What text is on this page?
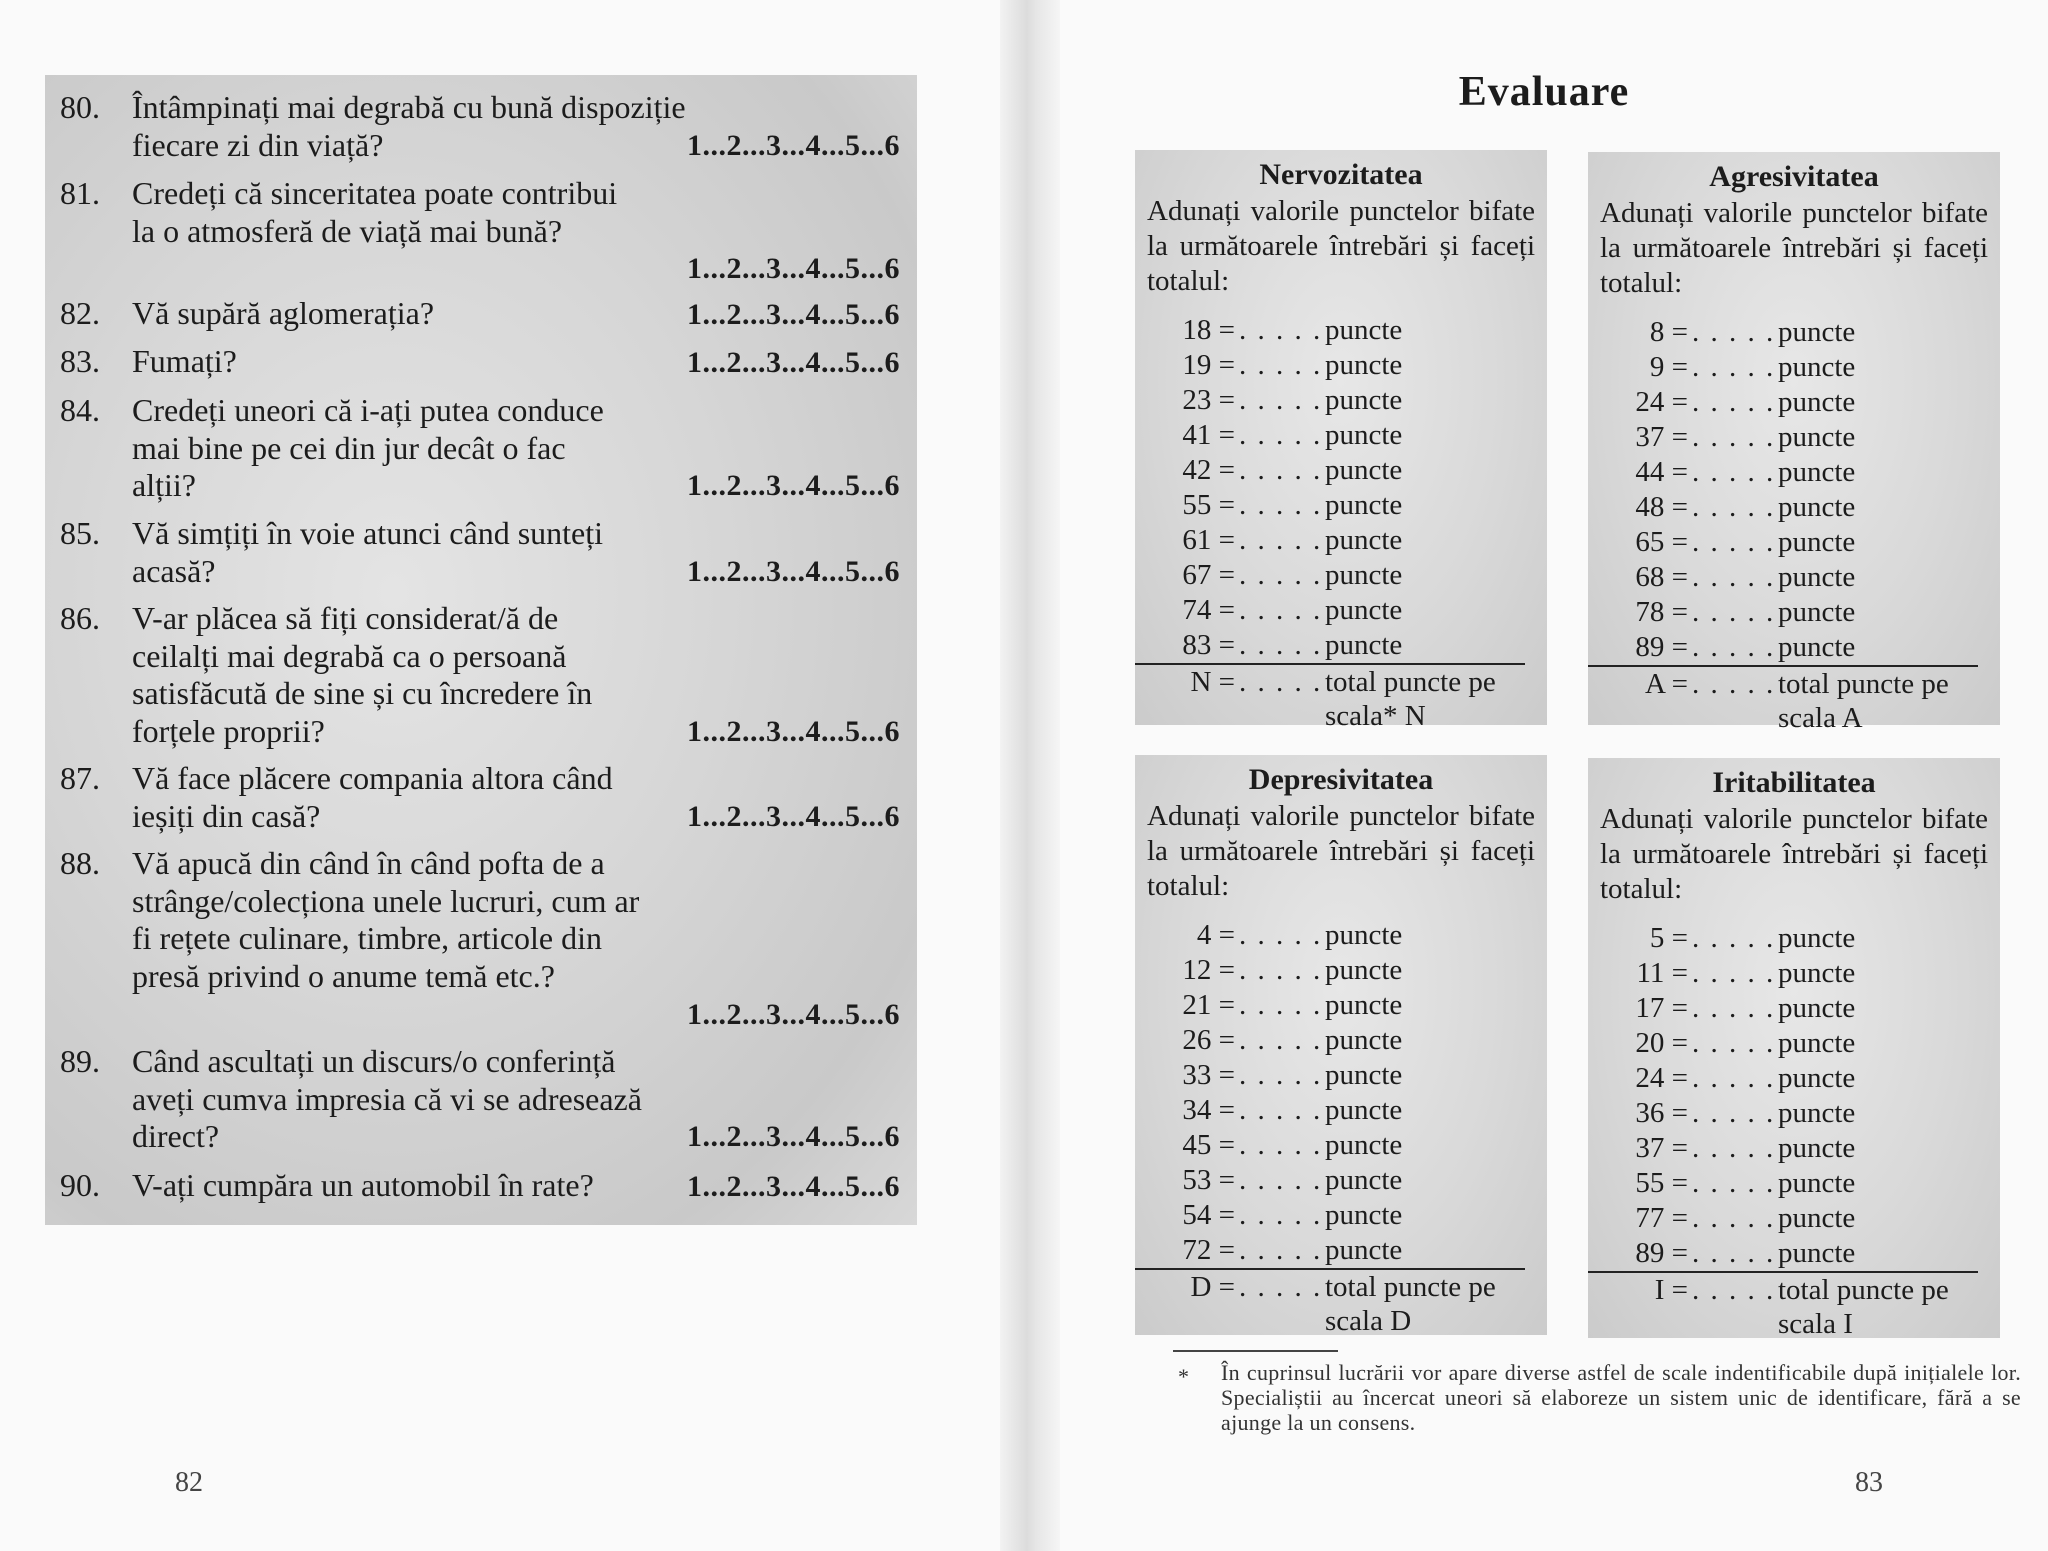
80.	Întâmpinați mai degrabă cu bună dispoziție fiecare zi din viață?	1...2...3...4...5...6
81.	Credeți că sinceritatea poate contribui la o atmosferă de viață mai bună?
1...2...3...4...5...6
82.	Vă supără aglomerația?	1...2...3...4...5...6
83.	Fumați?	1...2...3...4...5...6
84.	Credeți uneori că i-ați putea conduce mai bine pe cei din jur decât o fac alții?	1...2...3...4...5...6
85.	Vă simțiți în voie atunci când sunteți acasă?	1...2...3...4...5...6
86.	V-ar plăcea să fiți considerat/ă de ceilalți mai degrabă ca o persoană satisfăcută de sine și cu încredere în forțele proprii?	1...2...3...4...5...6
87.	Vă face plăcere compania altora când ieșiți din casă?	1...2...3...4...5...6
88.	Vă apucă din când în când pofta de a strânge/colecționa unele lucruri, cum ar fi rețete culinare, timbre, articole din presă privind o anume temă etc.?
1...2...3...4...5...6
89.	Când ascultați un discurs/o conferință aveți cumva impresia că vi se adresează direct?	1...2...3...4...5...6
90.	V-ați cumpăra un automobil în rate?	1...2...3...4...5...6
82
Evaluare
Nervozitatea
Adunați valorile punctelor bifate la următoarele întrebări și faceți totalul:
18 =	. . . . .	puncte
19 =	. . . . .	puncte
23 =	. . . . .	puncte
41 =	. . . . .	puncte
42 =	. . . . .	puncte
55 =	. . . . .	puncte
61 =	. . . . .	puncte
67 =	. . . . .	puncte
74 =	. . . . .	puncte
83 =	. . . . .	puncte
N =	. . . . .	total puncte pe scala* N
Agresivitatea
Adunați valorile punctelor bifate la următoarele întrebări și faceți totalul:
8 =	. . . . .	puncte
9 =	. . . . .	puncte
24 =	. . . . .	puncte
37 =	. . . . .	puncte
44 =	. . . . .	puncte
48 =	. . . . .	puncte
65 =	. . . . .	puncte
68 =	. . . . .	puncte
78 =	. . . . .	puncte
89 =	. . . . .	puncte
A =	. . . . .	total puncte pe scala A
Depresivitatea
Adunați valorile punctelor bifate la următoarele întrebări și faceți totalul:
4 =	. . . . .	puncte
12 =	. . . . .	puncte
21 =	. . . . .	puncte
26 =	. . . . .	puncte
33 =	. . . . .	puncte
34 =	. . . . .	puncte
45 =	. . . . .	puncte
53 =	. . . . .	puncte
54 =	. . . . .	puncte
72 =	. . . . .	puncte
D =	. . . . .	total puncte pe scala D
Iritabilitatea
Adunați valorile punctelor bifate la următoarele întrebări și faceți totalul:
5 =	. . . . .	puncte
11 =	. . . . .	puncte
17 =	. . . . .	puncte
20 =	. . . . .	puncte
24 =	. . . . .	puncte
36 =	. . . . .	puncte
37 =	. . . . .	puncte
55 =	. . . . .	puncte
77 =	. . . . .	puncte
89 =	. . . . .	puncte
I =	. . . . .	total puncte pe scala I
* În cuprinsul lucrării vor apare diverse astfel de scale indentificabile după inițialele lor. Specialiștii au încercat uneori să elaboreze un sistem unic de identificare, fără a se ajunge la un consens.
83
